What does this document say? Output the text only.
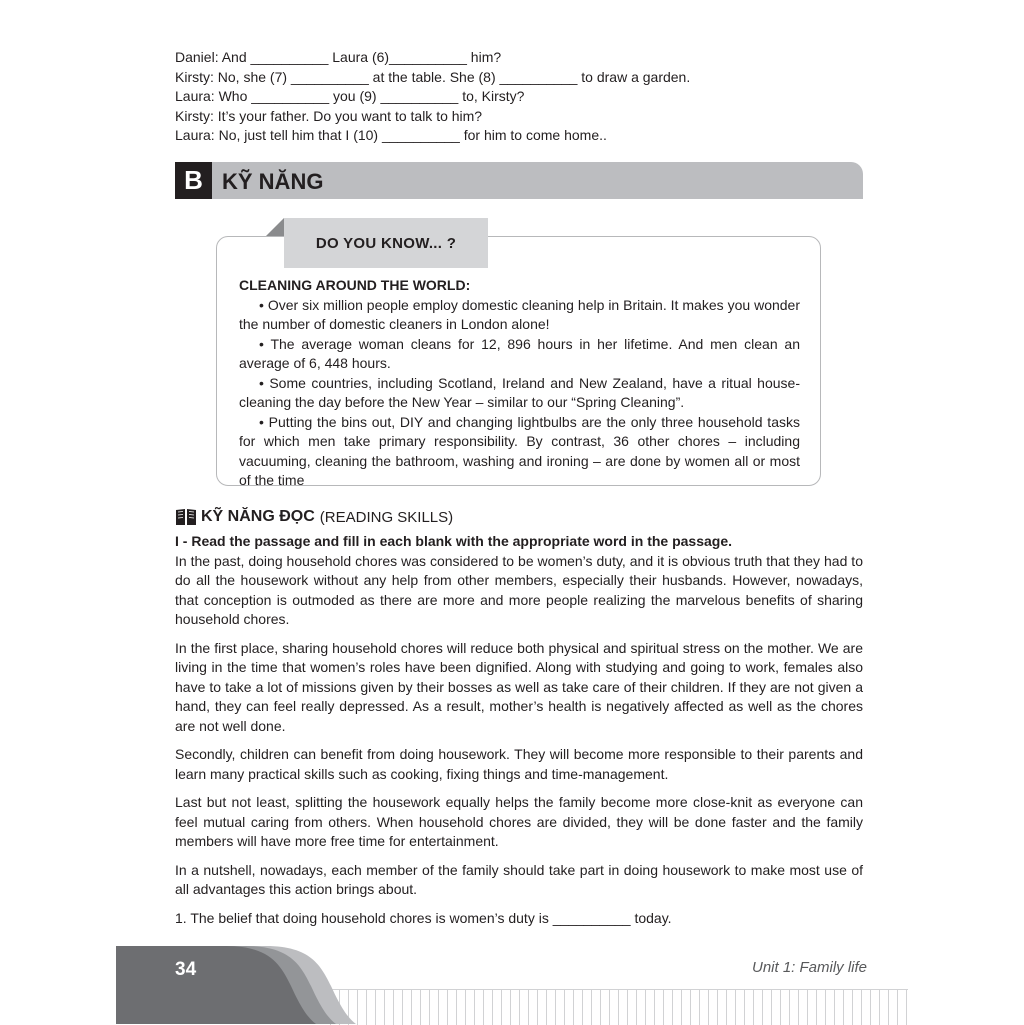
Daniel: And __________ Laura (6)__________ him?
Kirsty: No, she (7) __________ at the table. She (8) __________ to draw a garden.
Laura: Who __________ you (9) __________ to, Kirsty?
Kirsty: It’s your father. Do you want to talk to him?
Laura: No, just tell him that I (10) __________ for him to come home..
B KỸ NĂNG
DO YOU KNOW... ?
CLEANING AROUND THE WORLD:
• Over six million people employ domestic cleaning help in Britain. It makes you wonder the number of domestic cleaners in London alone!
• The average woman cleans for 12, 896 hours in her lifetime. And men clean an average of 6, 448 hours.
• Some countries, including Scotland, Ireland and New Zealand, have a ritual house-cleaning the day before the New Year – similar to our “Spring Cleaning”.
• Putting the bins out, DIY and changing lightbulbs are the only three household tasks for which men take primary responsibility. By contrast, 36 other chores – including vacuuming, cleaning the bathroom, washing and ironing – are done by women all or most of the time
KỸ NĂNG ĐỌC (READING SKILLS)
I - Read the passage and fill in each blank with the appropriate word in the passage.

In the past, doing household chores was considered to be women’s duty, and it is obvious truth that they had to do all the housework without any help from other members, especially their husbands. However, nowadays, that conception is outmoded as there are more and more people realizing the marvelous benefits of sharing household chores.

In the first place, sharing household chores will reduce both physical and spiritual stress on the mother. We are living in the time that women’s roles have been dignified. Along with studying and going to work, females also have to take a lot of missions given by their bosses as well as take care of their children. If they are not given a hand, they can feel really depressed. As a result, mother’s health is negatively affected as well as the chores are not well done.

Secondly, children can benefit from doing housework. They will become more responsible to their parents and learn many practical skills such as cooking, fixing things and time-management.

Last but not least, splitting the housework equally helps the family become more close-knit as everyone can feel mutual caring from others. When household chores are divided, they will be done faster and the family members will have more free time for entertainment.

In a nutshell, nowadays, each member of the family should take part in doing housework to make most use of all advantages this action brings about.

1. The belief that doing household chores is women’s duty is __________ today.
34	Unit 1: Family life
